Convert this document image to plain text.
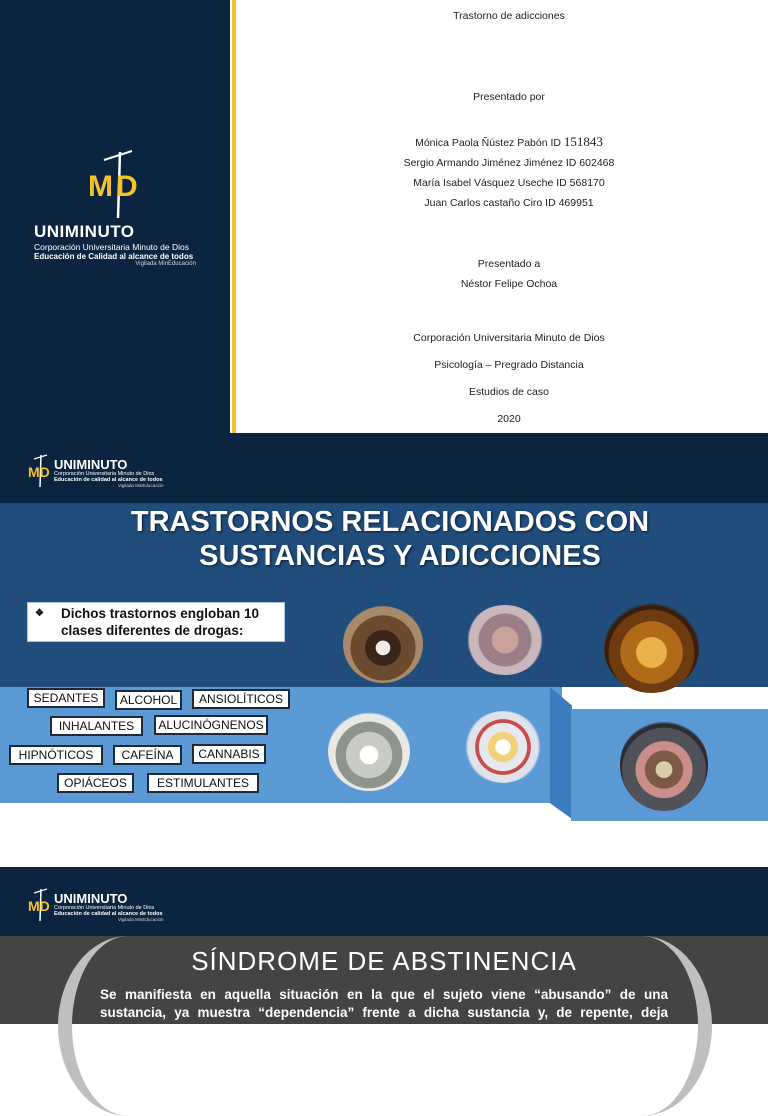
M D
UNIMINUTO
Corporación Universitaria Minuto de Dios
Educación de Calidad al alcance de todos
Vigilada MinEducación
Trastorno de adicciones
Presentado por
Mónica Paola Ñústez Pabón ID 151843
Sergio Armando Jiménez Jiménez ID 602468
María Isabel Vásquez Useche ID 568170
Juan Carlos castaño Ciro ID 469951
Presentado a
Néstor Felipe Ochoa
Corporación Universitaria Minuto de Dios
Psicología – Pregrado Distancia
Estudios de caso
2020
MD UNIMINUTO
Corporación Universitaria Minuto de Dios
Educación de calidad al alcance de todos
Vigilada MinEducación
TRASTORNOS RELACIONADOS CON
SUSTANCIAS Y ADICCIONES
❖ Dichos trastornos engloban 10
clases diferentes de drogas:
SEDANTES	ALCOHOL	ANSIOLÍTICOS
INHALANTES	ALUCINÓGNENOS
HIPNÓTICOS	CAFEÍNA	CANNABIS
OPIÁCEOS	ESTIMULANTES
MD UNIMINUTO
Corporación Universitaria Minuto de Dios
Educación de calidad al alcance de todos
Vigilada MinEducación
SÍNDROME DE ABSTINENCIA
Se manifiesta en aquella situación en la que el sujeto viene “abusando” de una
sustancia, ya muestra “dependencia” frente a dicha sustancia y, de repente, deja
